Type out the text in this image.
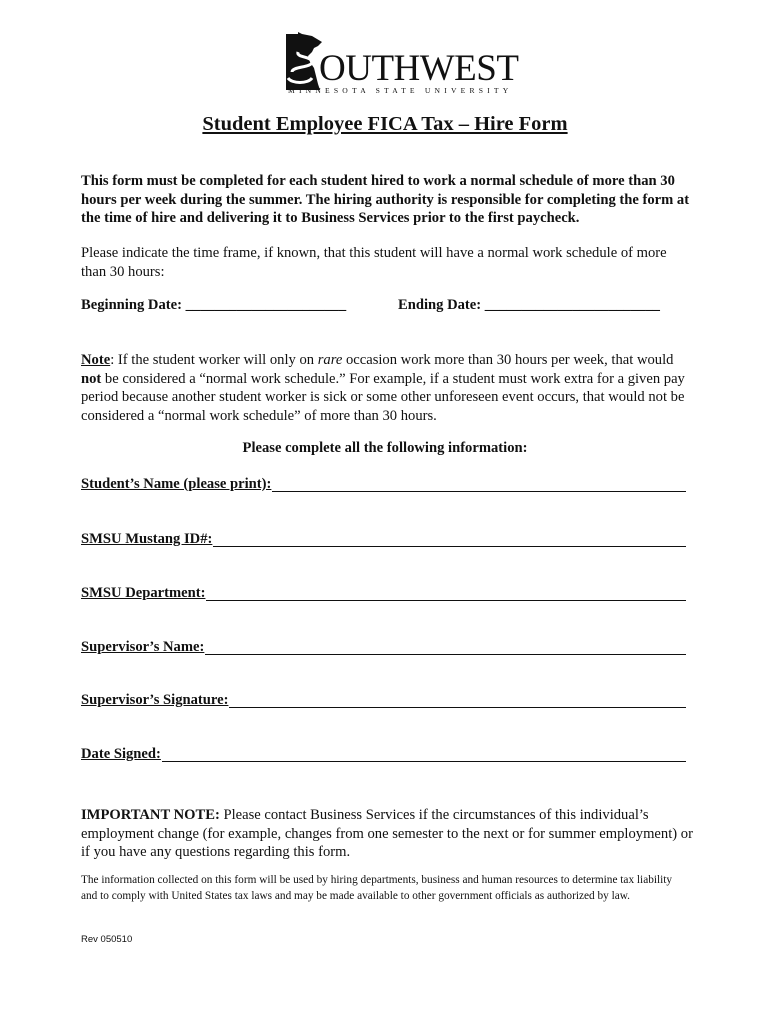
OUTHWEST
MINNESOTA STATE UNIVERSITY
Student Employee FICA Tax – Hire Form
This form must be completed for each student hired to work a normal schedule of more than 30 hours per week during the summer. The hiring authority is responsible for completing the form at the time of hire and delivering it to Business Services prior to the first paycheck.
Please indicate the time frame, if known, that this student will have a normal work schedule of more than 30 hours:
Beginning Date: ______________________	Ending Date: ________________________
Note: If the student worker will only on rare occasion work more than 30 hours per week, that would not be considered a “normal work schedule.” For example, if a student must work extra for a given pay period because another student worker is sick or some other unforeseen event occurs, that would not be considered a “normal work schedule” of more than 30 hours.
Please complete all the following information:
Student’s Name (please print):
SMSU Mustang ID#:
SMSU Department:
Supervisor’s Name:
Supervisor’s Signature:
Date Signed:
IMPORTANT NOTE: Please contact Business Services if the circumstances of this individual’s employment change (for example, changes from one semester to the next or for summer employment) or if you have any questions regarding this form.
The information collected on this form will be used by hiring departments, business and human resources to determine tax liability and to comply with United States tax laws and may be made available to other government officials as authorized by law.
Rev 050510
